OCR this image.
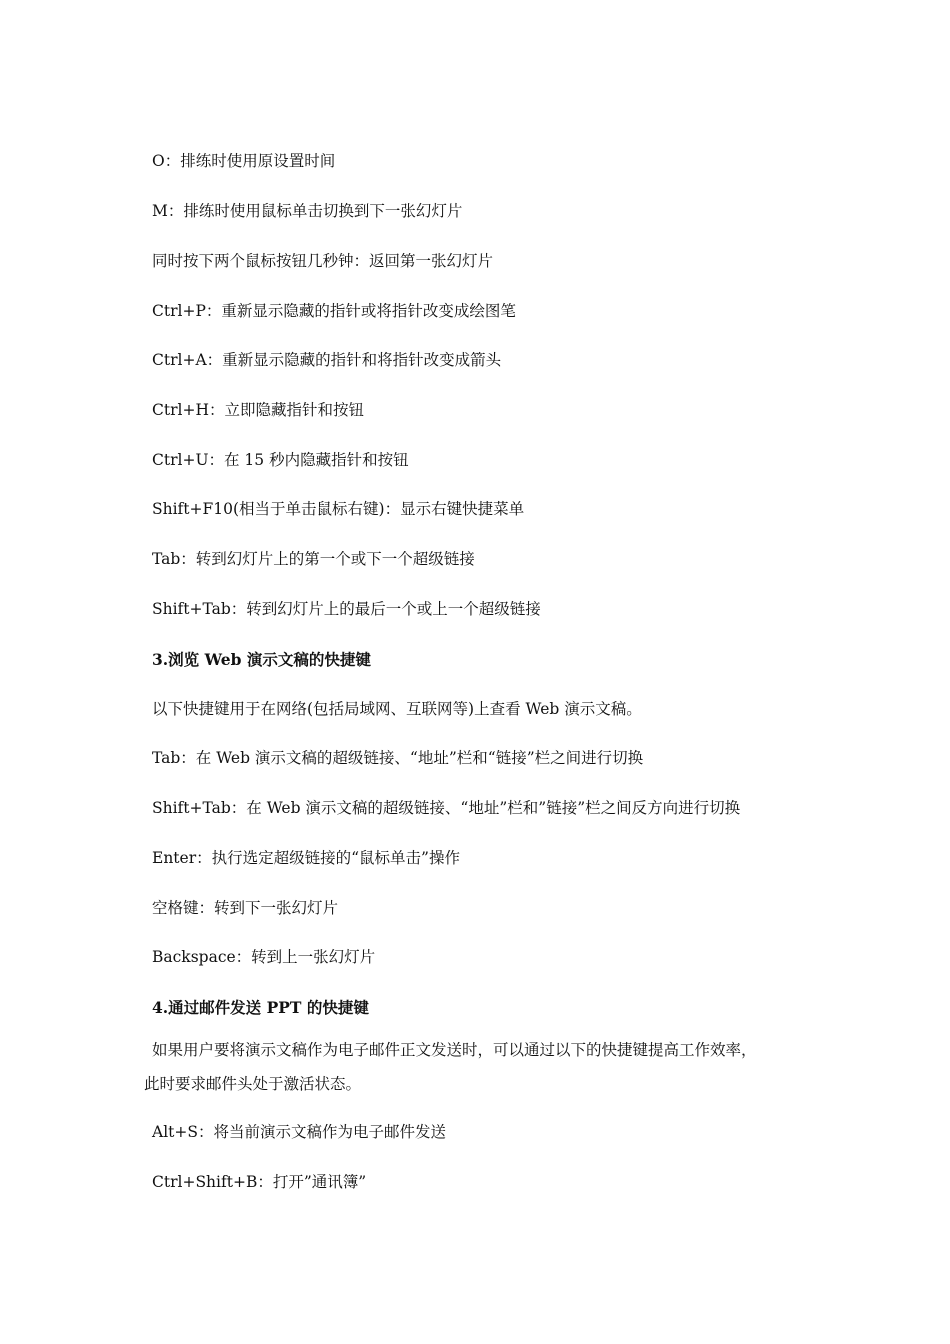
O：排练时使用原设置时间
M：排练时使用鼠标单击切换到下一张幻灯片
同时按下两个鼠标按钮几秒钟：返回第一张幻灯片
Ctrl+P：重新显示隐藏的指针或将指针改变成绘图笔
Ctrl+A：重新显示隐藏的指针和将指针改变成箭头
Ctrl+H：立即隐藏指针和按钮
Ctrl+U：在 15 秒内隐藏指针和按钮
Shift+F10(相当于单击鼠标右键)：显示右键快捷菜单
Tab：转到幻灯片上的第一个或下一个超级链接
Shift+Tab：转到幻灯片上的最后一个或上一个超级链接
3.浏览 Web 演示文稿的快捷键
以下快捷键用于在网络(包括局域网、互联网等)上查看 Web 演示文稿。
Tab：在 Web 演示文稿的超级链接、“地址”栏和“链接”栏之间进行切换
Shift+Tab：在 Web 演示文稿的超级链接、“地址”栏和”链接”栏之间反方向进行切换
Enter：执行选定超级链接的“鼠标单击”操作
空格键：转到下一张幻灯片
Backspace：转到上一张幻灯片
4.通过邮件发送 PPT 的快捷键
如果用户要将演示文稿作为电子邮件正文发送时，可以通过以下的快捷键提高工作效率，
此时要求邮件头处于激活状态。
Alt+S：将当前演示文稿作为电子邮件发送
Ctrl+Shift+B：打开”通讯簿”
